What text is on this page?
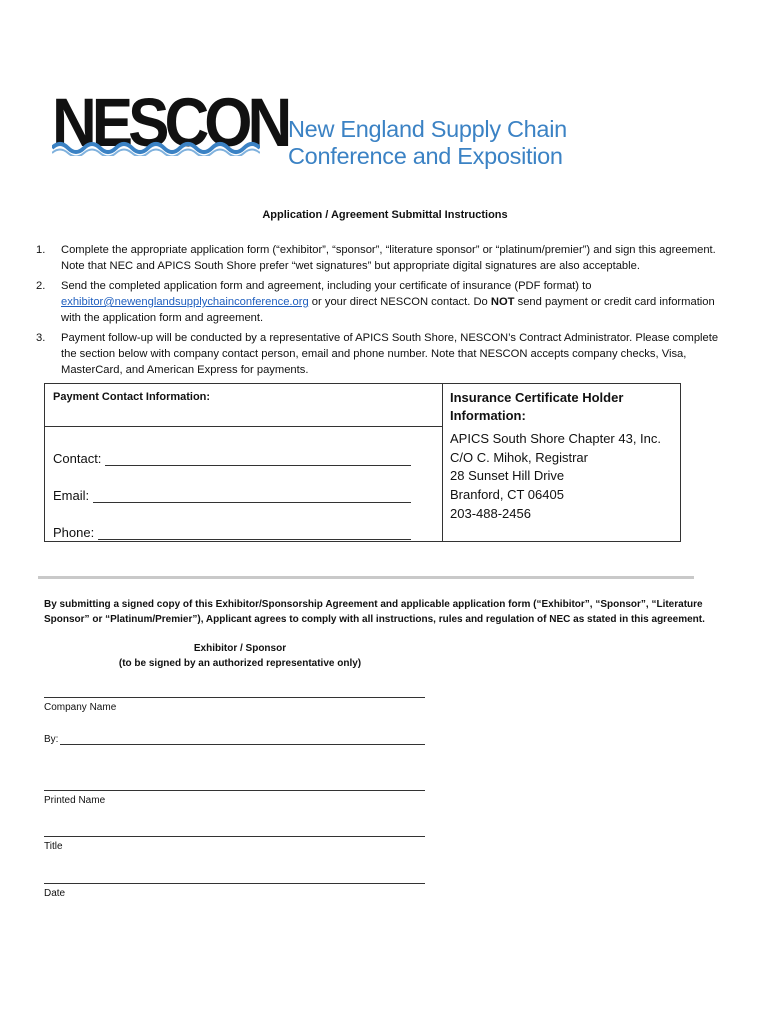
NESCON New England Supply Chain
Conference and Exposition
Application / Agreement Submittal Instructions
1. Complete the appropriate application form (“exhibitor”, “sponsor”, “literature sponsor” or “platinum/premier”) and sign this agreement. Note that NEC and APICS South Shore prefer “wet signatures” but appropriate digital signatures are also acceptable.
2. Send the completed application form and agreement, including your certificate of insurance (PDF format) to exhibitor@newenglandsupplychainconference.org or your direct NESCON contact. Do NOT send payment or credit card information with the application form and agreement.
3. Payment follow-up will be conducted by a representative of APICS South Shore, NESCON’s Contract Administrator. Please complete the section below with company contact person, email and phone number. Note that NESCON accepts company checks, Visa, MasterCard, and American Express for payments.
Payment Contact Information:
Contact:
Email:
Phone:
Insurance Certificate Holder Information:
APICS South Shore Chapter 43, Inc.
C/O C. Mihok, Registrar
28 Sunset Hill Drive
Branford, CT 06405
203-488-2456
By submitting a signed copy of this Exhibitor/Sponsorship Agreement and applicable application form (“Exhibitor”, “Sponsor”, “Literature Sponsor” or “Platinum/Premier”), Applicant agrees to comply with all instructions, rules and regulation of NEC as stated in this agreement.
Exhibitor / Sponsor
(to be signed by an authorized representative only)
Company Name
By:
Printed Name
Title
Date
